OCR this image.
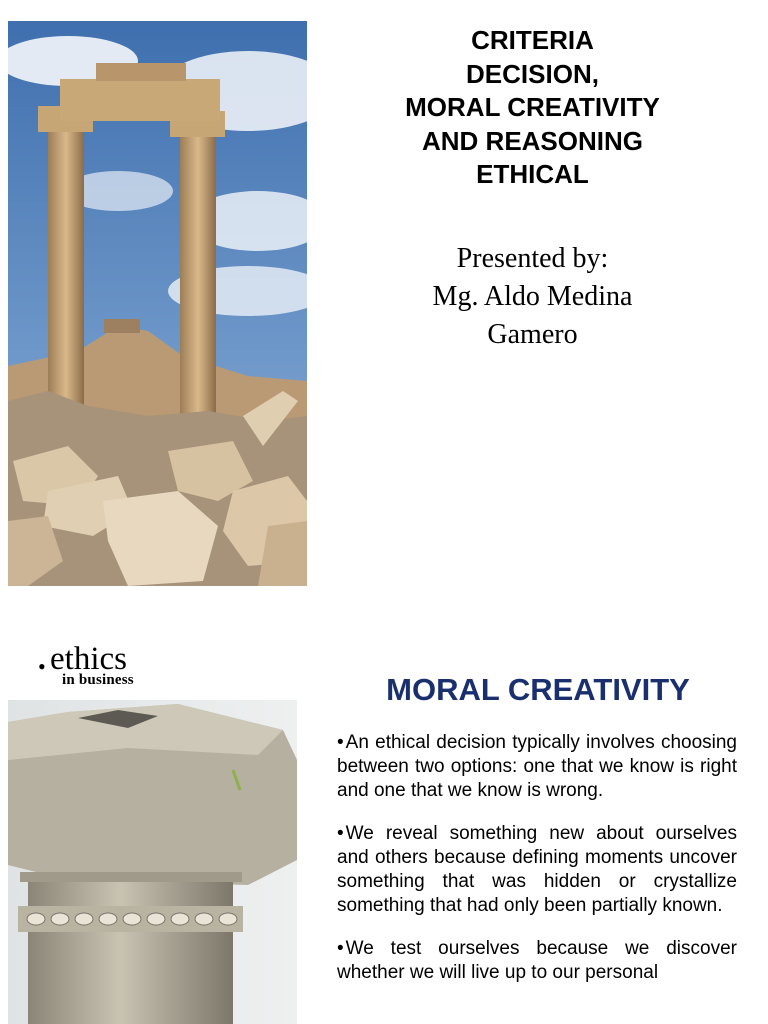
CRITERIA
DECISION,
MORAL CREATIVITY
AND REASONING
ETHICAL
Presented by:
Mg. Aldo Medina
Gamero
• ethics
in business	MORAL CREATIVITY

• An ethical decision typically involves choosing between two options: one that we know is right and one that we know is wrong.

• We reveal something new about ourselves and others because defining moments uncover something that was hidden or crystallize something that had only been partially known.

• We test ourselves because we discover whether we will live up to our personal
